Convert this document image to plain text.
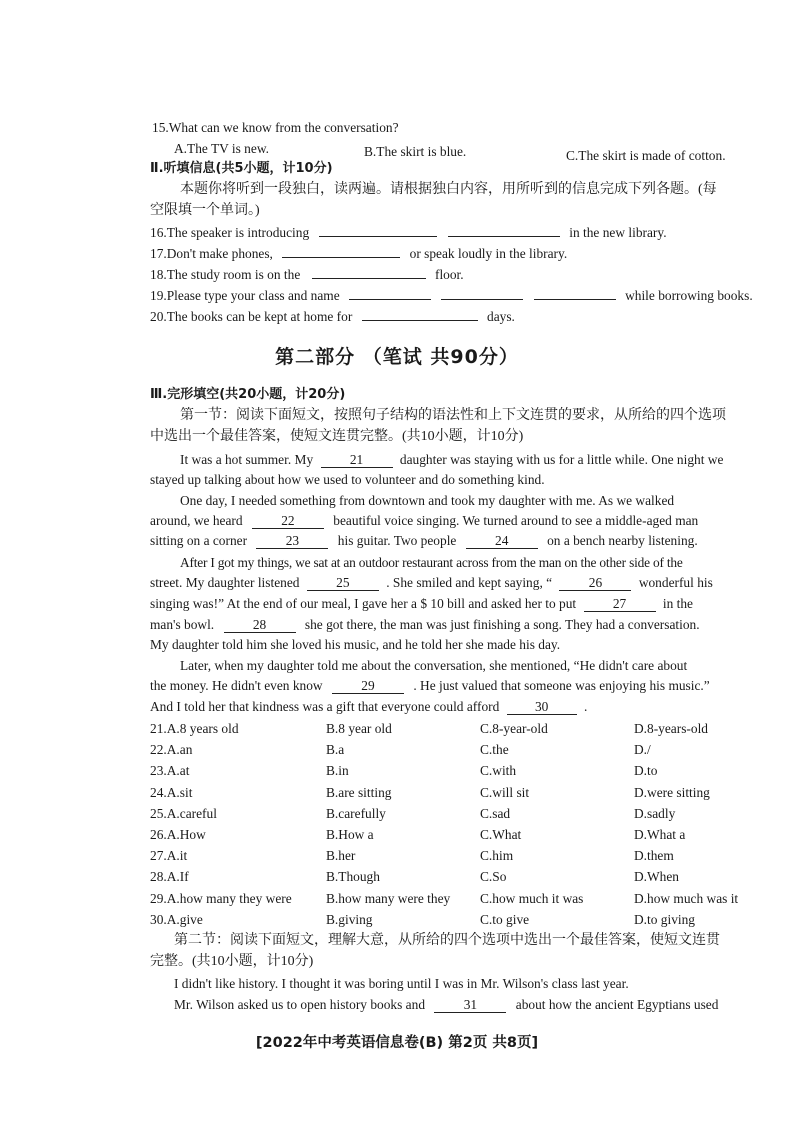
15.What can we know from the conversation?
A.The TV is new.	B.The skirt is blue.	C.The skirt is made of cotton.
Ⅱ.听填信息(共5小题，计10分)
本题你将听到一段独白，读两遍。请根据独白内容，用所听到的信息完成下列各题。(每
空限填一个单词。)
16.The speaker is introducing	in the new library.
17.Don't make phones,	or speak loudly in the library.
18.The study room is on the	floor.
19.Please type your class and name	while borrowing books.
20.The books can be kept at home for	days.
第二部分 （笔试 共90分）
Ⅲ.完形填空(共20小题，计20分)
第一节：阅读下面短文，按照句子结构的语法性和上下文连贯的要求，从所给的四个选项
中选出一个最佳答案，使短文连贯完整。(共10小题，计10分)
It was a hot summer. My	21	daughter was staying with us for a little while. One night we
stayed up talking about how we used to volunteer and do something kind.
One day, I needed something from downtown and took my daughter with me. As we walked
around, we heard	22	beautiful voice singing. We turned around to see a middle-aged man
sitting on a corner	23	his guitar. Two people	24	on a bench nearby listening.
After I got my things, we sat at an outdoor restaurant across from the man on the other side of the
street. My daughter listened	25	. She smiled and kept saying, “	26	wonderful his
singing was!” At the end of our meal, I gave her a $ 10 bill and asked her to put	27	in the
man's bowl.	28	she got there, the man was just finishing a song. They had a conversation.
My daughter told him she loved his music, and he told her she made his day.
Later, when my daughter told me about the conversation, she mentioned, “He didn't care about
the money. He didn't even know	29	. He just valued that someone was enjoying his music.”
And I told her that kindness was a gift that everyone could afford	30	.
21.A.8 years old	B.8 year old	C.8-year-old	D.8-years-old
22.A.an	B.a	C.the	D./
23.A.at	B.in	C.with	D.to
24.A.sit	B.are sitting	C.will sit	D.were sitting
25.A.careful	B.carefully	C.sad	D.sadly
26.A.How	B.How a	C.What	D.What a
27.A.it	B.her	C.him	D.them
28.A.If	B.Though	C.So	D.When
29.A.how many they were	B.how many were they C.how much it was	D.how much was it
30.A.give	B.giving	C.to give	D.to giving
第二节：阅读下面短文，理解大意，从所给的四个选项中选出一个最佳答案，使短文连贯
完整。(共10小题，计10分)
I didn't like history. I thought it was boring until I was in Mr. Wilson's class last year.
Mr. Wilson asked us to open history books and	31	about how the ancient Egyptians used
[2022年中考英语信息卷(B) 第2页 共8页]
